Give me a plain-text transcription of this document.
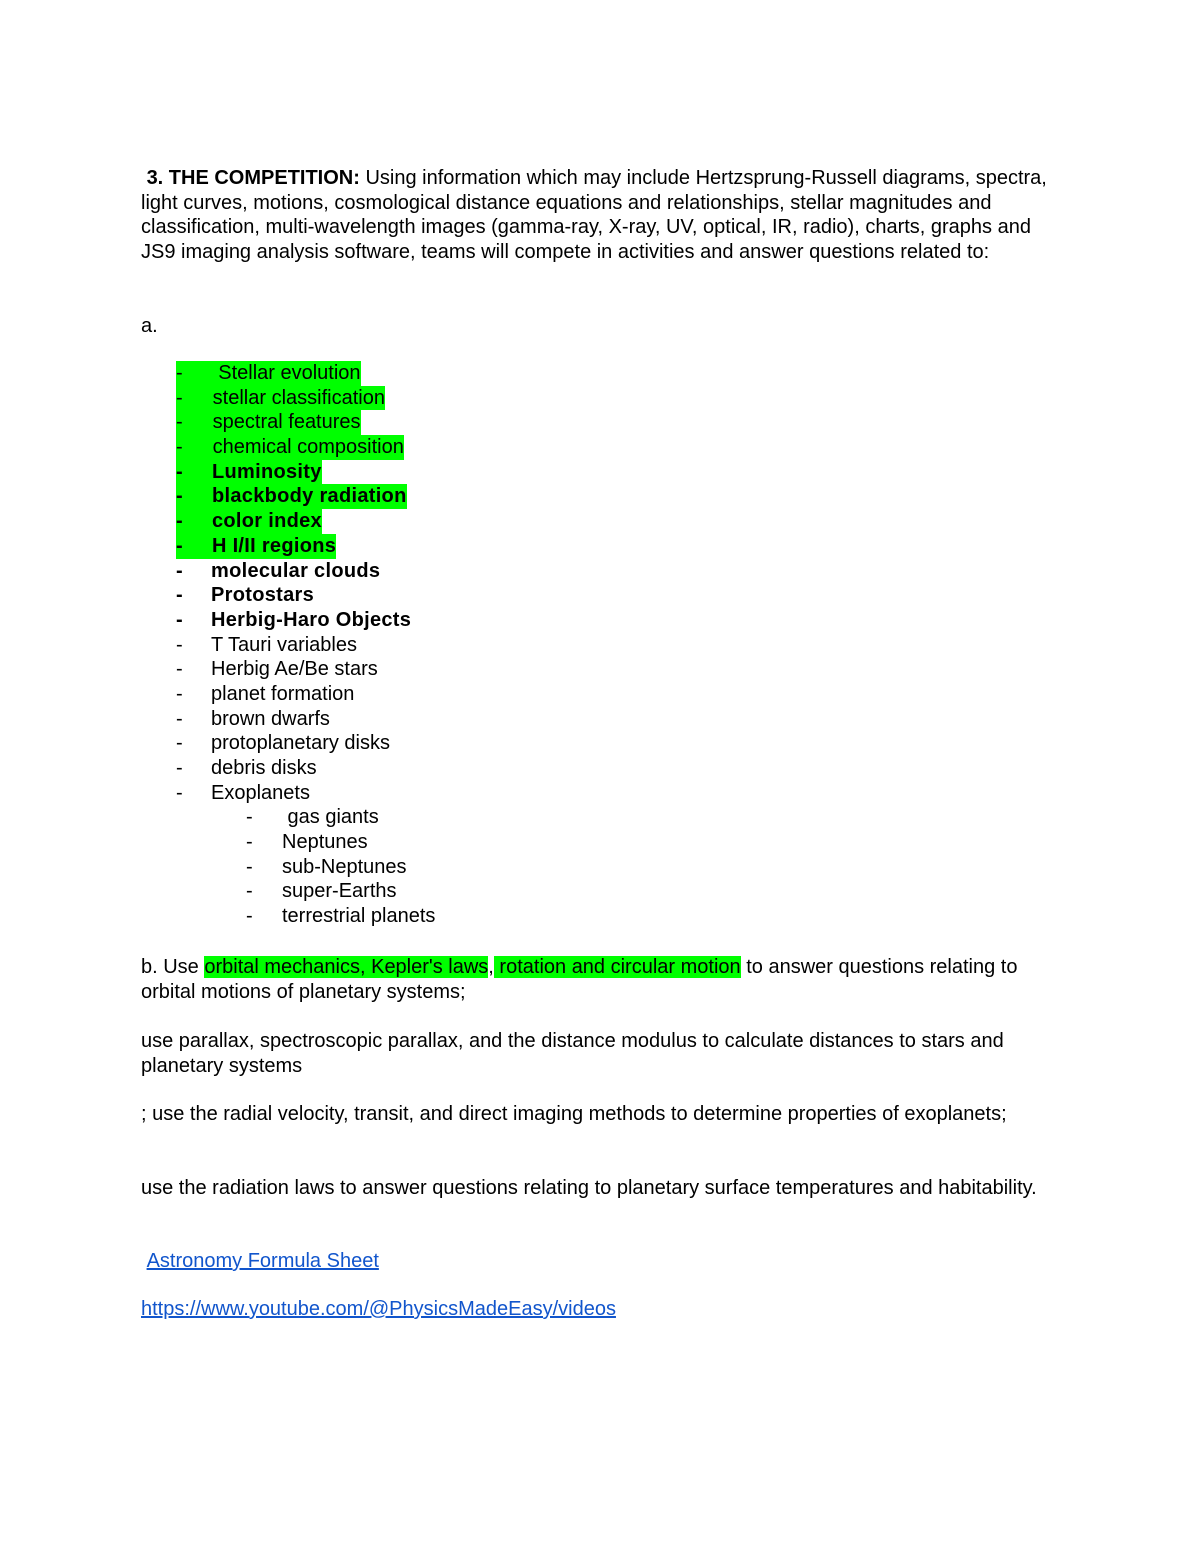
3. THE COMPETITION: Using information which may include Hertzsprung-Russell diagrams, spectra, light curves, motions, cosmological distance equations and relationships, stellar magnitudes and classification, multi-wavelength images (gamma-ray, X-ray, UV, optical, IR, radio), charts, graphs and JS9 imaging analysis software, teams will compete in activities and answer questions related to:
a.
- Stellar evolution
- stellar classification
- spectral features
- chemical composition
- Luminosity
- blackbody radiation
- color index
- H I/II regions
- molecular clouds
- Protostars
- Herbig-Haro Objects
- T Tauri variables
- Herbig Ae/Be stars
- planet formation
- brown dwarfs
- protoplanetary disks
- debris disks
- Exoplanets
- gas giants
- Neptunes
- sub-Neptunes
- super-Earths
- terrestrial planets
b. Use orbital mechanics, Kepler's laws, rotation and circular motion to answer questions relating to orbital motions of planetary systems;
use parallax, spectroscopic parallax, and the distance modulus to calculate distances to stars and planetary systems
; use the radial velocity, transit, and direct imaging methods to determine properties of exoplanets;
use the radiation laws to answer questions relating to planetary surface temperatures and habitability.
Astronomy Formula Sheet
https://www.youtube.com/@PhysicsMadeEasy/videos
